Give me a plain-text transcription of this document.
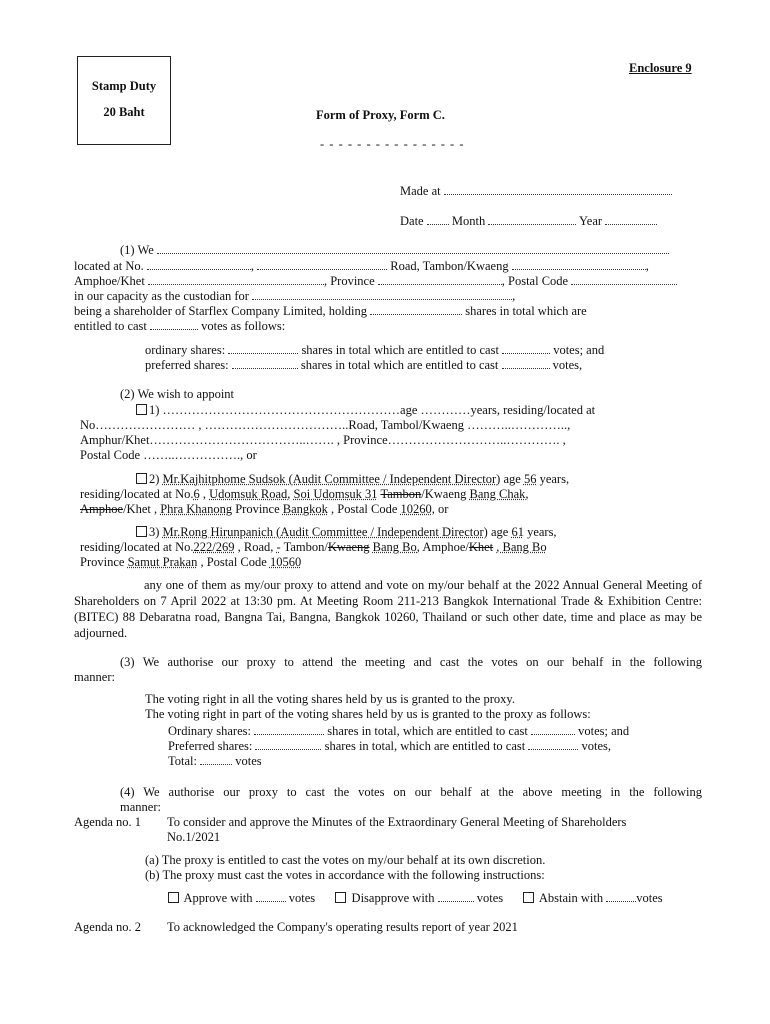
Stamp Duty
20 Baht
Enclosure 9
Form of Proxy, Form C.
- - - - - - - - - - - - - - - -
Made at
Date Month	Year
(1) We
located at No.	,	Road, Tambon/Kwaeng	,
Amphoe/Khet	, Province	, Postal Code
in our capacity as the custodian for	,
being a shareholder of Starflex Company Limited, holding	shares in total which are
entitled to cast	votes as follows:
ordinary shares:	shares in total which are entitled to cast	votes; and
preferred shares:	shares in total which are entitled to cast	votes,
(2) We wish to appoint
1) …………………………………………………age …………years, residing/located at
No…………………… , ……………………………..Road, Tambol/Kwaeng ………..…………..,
Amphur/Khet………………………………..……. , Province………………………..…………. ,
Postal Code ……..……………., or
2) Mr.Kajhitphome Sudsok (Audit Committee / Independent Director) age 56 years,
residing/located at No.6 , Udomsuk Road, Soi Udomsuk 31 Tambon/Kwaeng Bang Chak,
Amphoe/Khet , Phra Khanong Province Bangkok , Postal Code 10260, or
3) Mr.Rong Hirunpanich (Audit Committee / Independent Director) age 61 years,
residing/located at No.222/269 , Road, - Tambon/Kwaeng Bang Bo, Amphoe/Khet , Bang Bo
Province Samut Prakan , Postal Code 10560
any one of them as my/our proxy to attend and vote on my/our behalf at the 2022 Annual General Meeting of Shareholders on 7 April 2022 at 13:30 pm. At Meeting Room 211-213 Bangkok International Trade & Exhibition Centre: (BITEC) 88 Debaratna road, Bangna Tai, Bangna, Bangkok 10260, Thailand or such other date, time and place as may be adjourned.
(3) We authorise our proxy to attend the meeting and cast the votes on our behalf in the following
manner:
The voting right in all the voting shares held by us is granted to the proxy.
The voting right in part of the voting shares held by us is granted to the proxy as follows:
Ordinary shares:	shares in total, which are entitled to cast	votes; and
Preferred shares:	shares in total, which are entitled to cast	votes,
Total:	votes
(4) We authorise our proxy to cast the votes on our behalf at the above meeting in the following
manner:
Agenda no. 1 To consider and approve the Minutes of the Extraordinary General Meeting of Shareholders
No.1/2021
(a) The proxy is entitled to cast the votes on my/our behalf at its own discretion.
(b) The proxy must cast the votes in accordance with the following instructions:
Approve with	votes	Disapprove with	votes	Abstain with	votes
Agenda no. 2 To acknowledged the Company's operating results report of year 2021
